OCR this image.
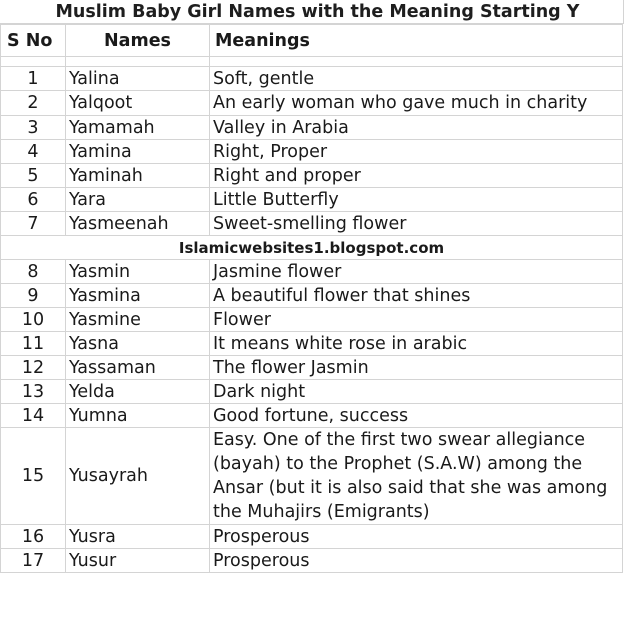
Muslim Baby Girl Names with the Meaning Starting Y
S No	Names	Meanings

1	Yalina	Soft, gentle
2	Yalqoot	An early woman who gave much in charity
3	Yamamah	Valley in Arabia
4	Yamina	Right, Proper
5	Yaminah	Right and proper
6	Yara	Little Butterfly
7	Yasmeenah	Sweet-smelling flower
Islamicwebsites1.blogspot.com		
8	Yasmin	Jasmine flower
9	Yasmina	A beautiful flower that shines
10	Yasmine	Flower
11	Yasna	It means white rose in arabic
12	Yassaman	The flower Jasmin
13	Yelda	Dark night
14	Yumna	Good fortune, success
15	Yusayrah	Easy. One of the first two swear allegiance (bayah) to the Prophet (S.A.W) among the Ansar (but it is also said that she was among the Muhajirs (Emigrants)
16	Yusra	Prosperous
17	Yusur	Prosperous
